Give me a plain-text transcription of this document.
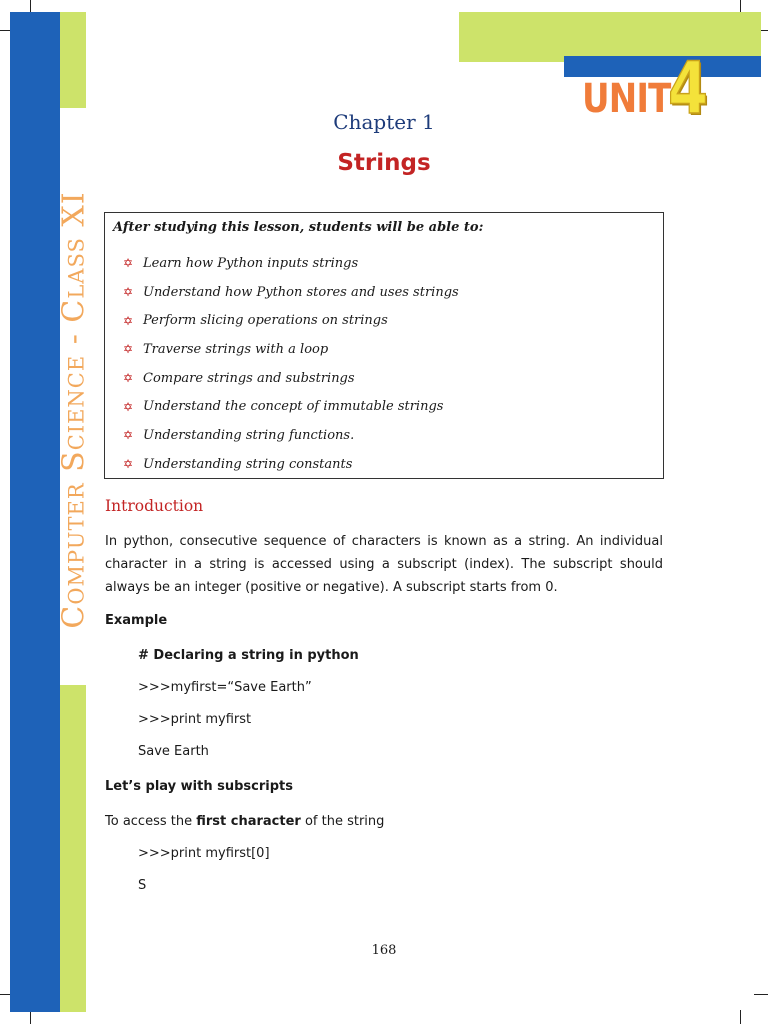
Computer Science - Class XI
UNIT
4
Chapter 1
Strings
After studying this lesson, students will be able to:
✡ Learn how Python inputs strings
✡ Understand how Python stores and uses strings
✡ Perform slicing operations on strings
✡ Traverse strings with a loop
✡ Compare strings and substrings
✡ Understand the concept of immutable strings
✡ Understanding string functions.
✡ Understanding string constants
Introduction

In python, consecutive sequence of characters is known as a string. An individual character in a string is accessed using a subscript (index). The subscript should always be an integer (positive or negative). A subscript starts from 0.

Example
# Declaring a string in python
>>>myfirst=“Save Earth”
>>>print myfirst
Save Earth
Let’s play with subscripts
To access the first character of the string
>>>print myfirst[0]
S
168
